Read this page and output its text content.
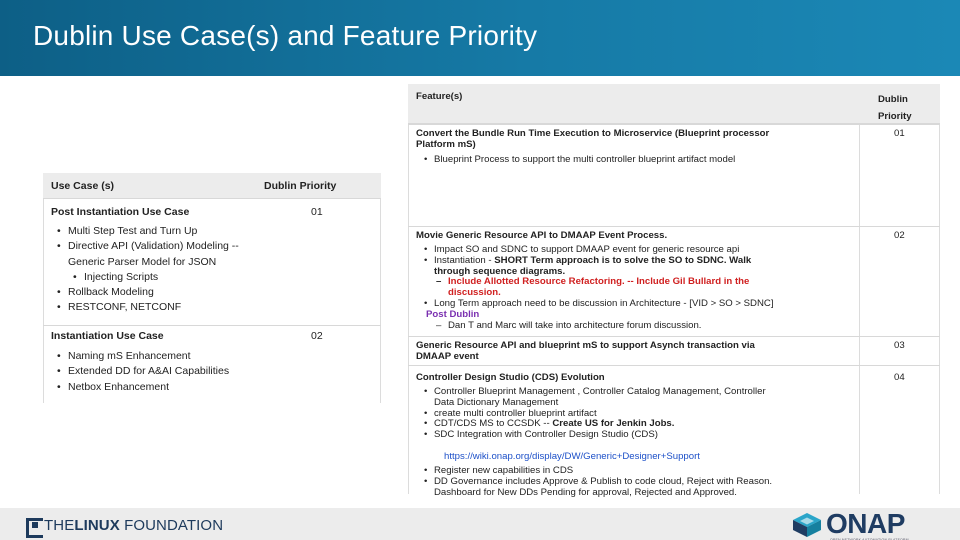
Dublin Use Case(s) and Feature Priority
Use Case (s)	Dublin Priority
Post Instantiation Use Case	01
• Multi Step Test and Turn Up
• Directive API (Validation) Modeling --
Generic Parser Model for JSON
• Injecting Scripts
• Rollback Modeling
• RESTCONF, NETCONF
Instantiation Use Case	02
• Naming mS Enhancement
• Extended DD for A&AI Capabilities
• Netbox Enhancement
Feature(s)	Dublin
Priority
Convert the Bundle Run Time Execution to Microservice (Blueprint processor
Platform mS)
01
• Blueprint Process to support the multi controller blueprint artifact model
Movie Generic Resource API to DMAAP Event Process.	02
• Impact SO and SDNC to support DMAAP event for generic resource api
• Instantiation - SHORT Term approach is to solve the SO to SDNC. Walk
through sequence diagrams.
– Include Allotted Resource Refactoring. -- Include Gil Bullard in the
discussion.
• Long Term approach need to be discussion in Architecture - [VID > SO > SDNC]
Post Dublin
– Dan T and Marc will take into architecture forum discussion.
Generic Resource API and blueprint mS to support Asynch transaction via
DMAAP event
03
Controller Design Studio (CDS) Evolution	04
• Controller Blueprint Management , Controller Catalog Management, Controller
Data Dictionary Management
• create multi controller blueprint artifact
• CDT/CDS MS to CCSDK -- Create US for Jenkin Jobs.
• SDC Integration with Controller Design Studio (CDS)
https://wiki.onap.org/display/DW/Generic+Designer+Support
• Register new capabilities in CDS
• DD Governance includes Approve & Publish to code cloud, Reject with Reason.
Dashboard for New DDs Pending for approval, Rejected and Approved.
THELINUX FOUNDATION	ONAP
OPEN NETWORK AUTOMATION PLATFORM
